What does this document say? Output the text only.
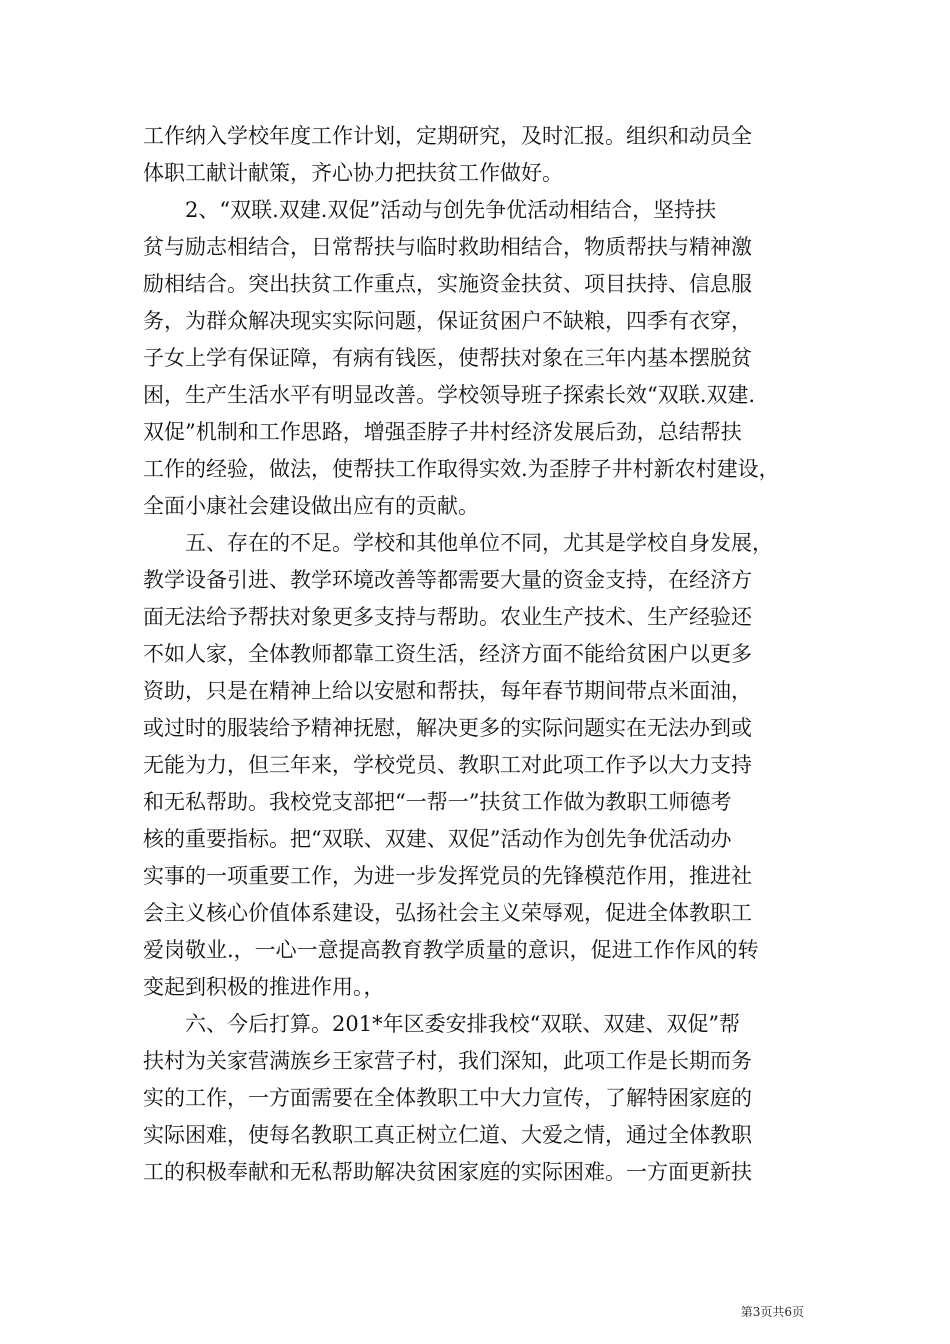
工作纳入学校年度工作计划，定期研究，及时汇报。组织和动员全
体职工献计献策，齐心协力把扶贫工作做好。
　　2、“双联.双建.双促”活动与创先争优活动相结合，坚持扶
贫与励志相结合，日常帮扶与临时救助相结合，物质帮扶与精神激
励相结合。突出扶贫工作重点，实施资金扶贫、项目扶持、信息服
务，为群众解决现实实际问题，保证贫困户不缺粮，四季有衣穿，
子女上学有保证障，有病有钱医，使帮扶对象在三年内基本摆脱贫
困，生产生活水平有明显改善。学校领导班子探索长效“双联.双建.
双促”机制和工作思路，增强歪脖子井村经济发展后劲，总结帮扶
工作的经验，做法，使帮扶工作取得实效.为歪脖子井村新农村建设，
全面小康社会建设做出应有的贡献。
　　五、存在的不足。学校和其他单位不同，尤其是学校自身发展，
教学设备引进、教学环境改善等都需要大量的资金支持，在经济方
面无法给予帮扶对象更多支持与帮助。农业生产技术、生产经验还
不如人家，全体教师都靠工资生活，经济方面不能给贫困户以更多
资助，只是在精神上给以安慰和帮扶，每年春节期间带点米面油，
或过时的服装给予精神抚慰，解决更多的实际问题实在无法办到或
无能为力，但三年来，学校党员、教职工对此项工作予以大力支持
和无私帮助。我校党支部把“一帮一”扶贫工作做为教职工师德考
核的重要指标。把“双联、双建、双促”活动作为创先争优活动办
实事的一项重要工作，为进一步发挥党员的先锋模范作用，推进社
会主义核心价值体系建设，弘扬社会主义荣辱观，促进全体教职工
爱岗敬业.，一心一意提高教育教学质量的意识，促进工作作风的转
变起到积极的推进作用。，
　　六、今后打算。201*年区委安排我校“双联、双建、双促”帮
扶村为关家营满族乡王家营子村，我们深知，此项工作是长期而务
实的工作，一方面需要在全体教职工中大力宣传，了解特困家庭的
实际困难，使每名教职工真正树立仁道、大爱之情，通过全体教职
工的积极奉献和无私帮助解决贫困家庭的实际困难。一方面更新扶
第3页共6页
